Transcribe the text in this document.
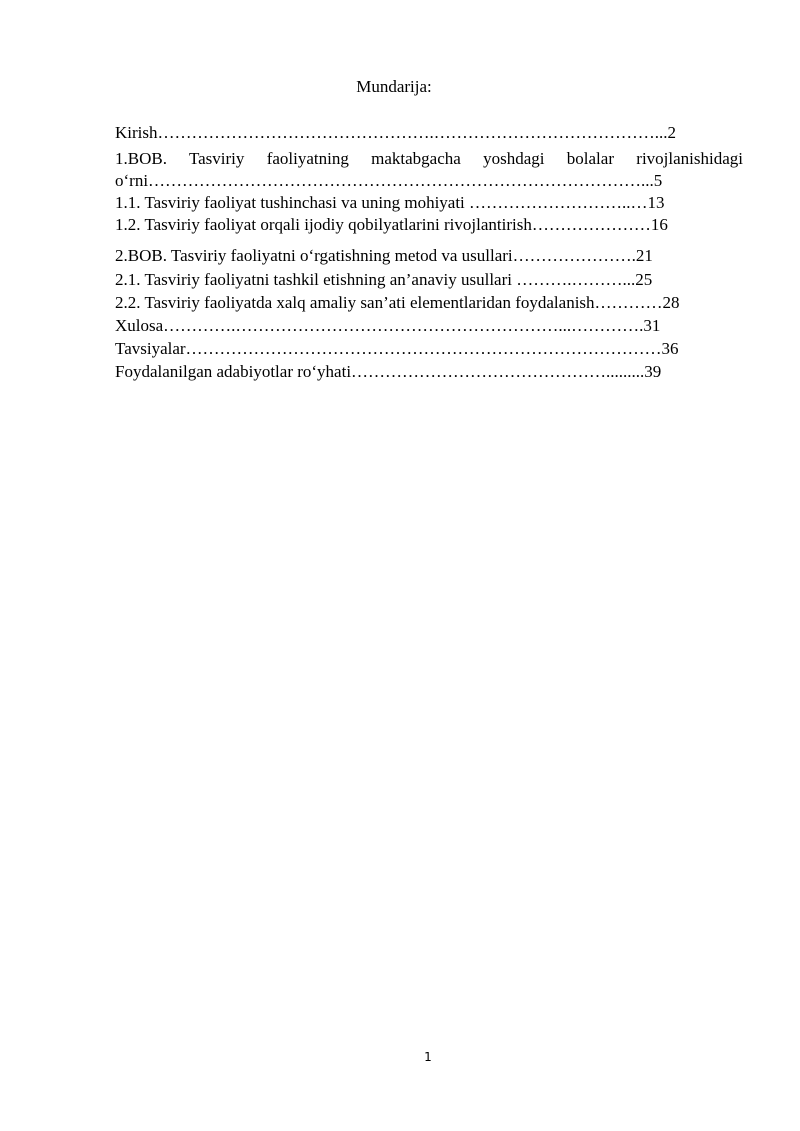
Mundarija:
Kirish………………………………………….…………………………………...2
1.BOB. Tasviriy faoliyatning maktabgacha yoshdagi bolalar rivojlanishidagi
o‘rni……………………………………………………………………………...5
1.1. Tasviriy faoliyat tushinchasi va uning mohiyati ………………………..…13
1.2. Tasviriy faoliyat orqali ijodiy qobilyatlarini rivojlantirish…………………16
2.BOB. Tasviriy faoliyatni o‘rgatishning metod va usullari………………….21
2.1. Tasviriy faoliyatni tashkil etishning an’anaviy usullari ……….………...25
2.2. Tasviriy faoliyatda xalq amaliy san’ati elementlaridan foydalanish…………28
Xulosa………….…………………………………………………...………….31
Tavsiyalar…………………………………………………………………………36
Foydalanilgan adabiyotlar ro‘yhati……………………………………….........39
1
